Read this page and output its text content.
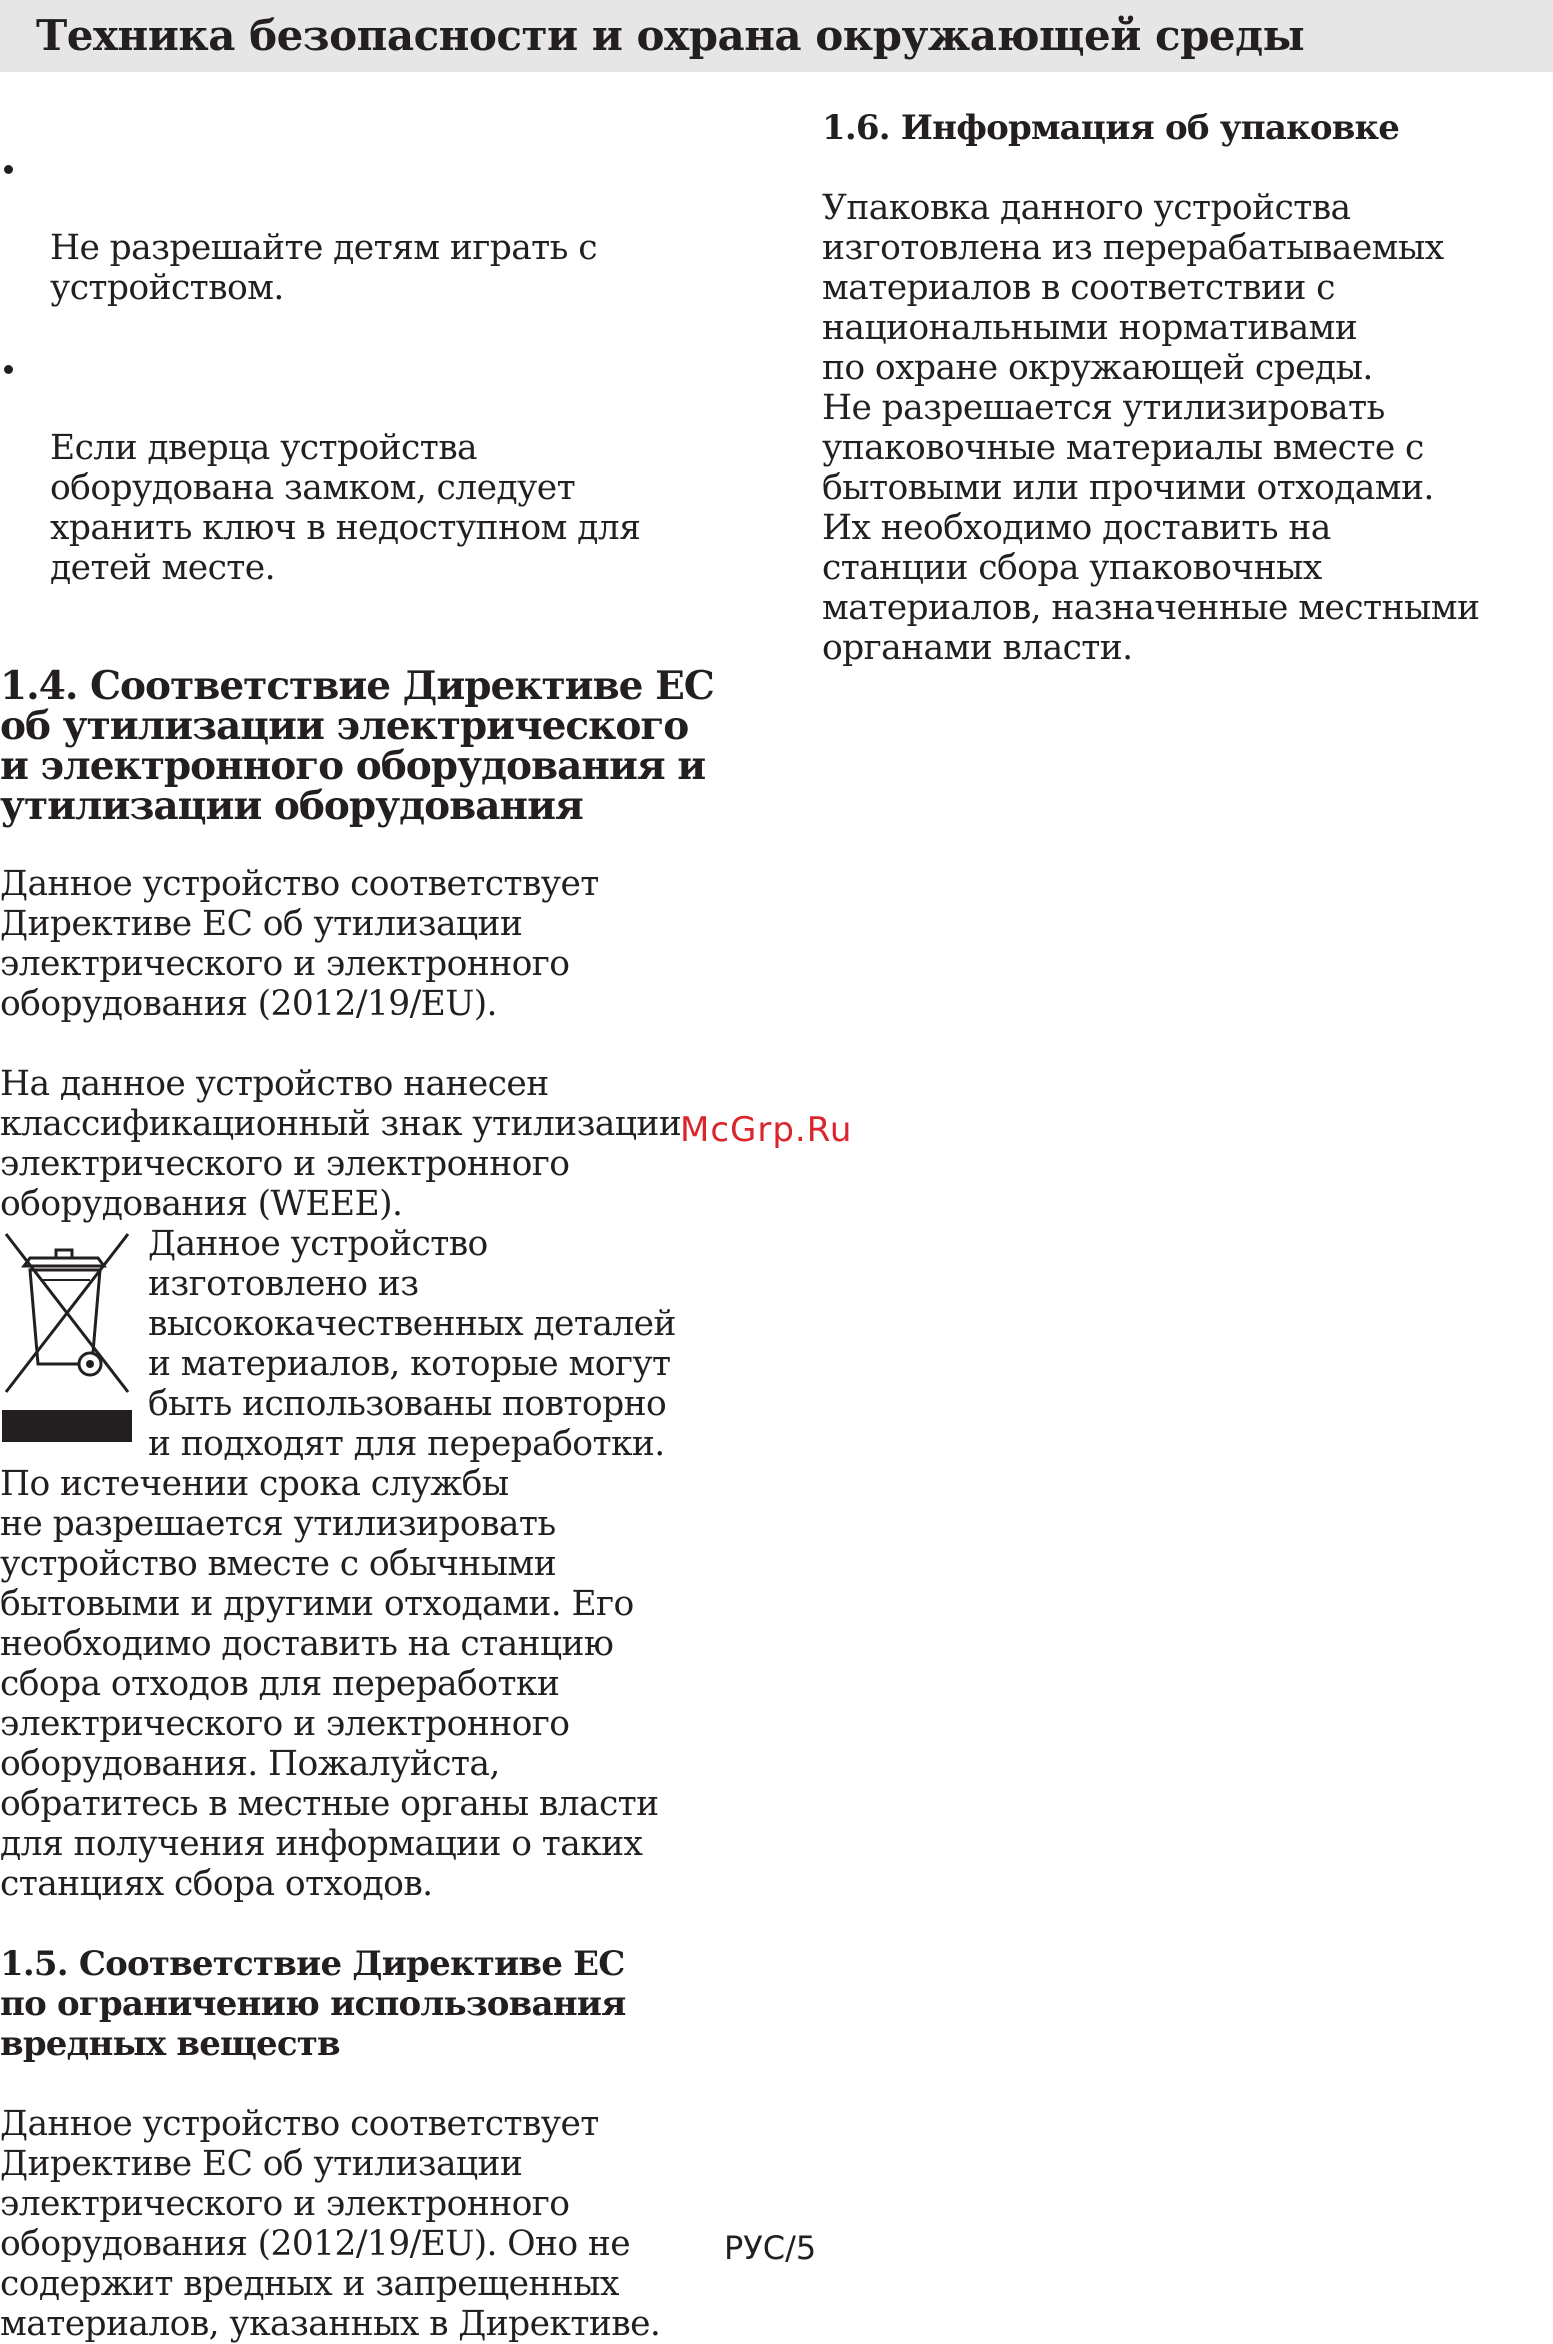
Техника безопасности и охрана окружающей среды

Не разрешайте детям играть с
устройством.

Если дверца устройства
оборудована замком, следует
хранить ключ в недоступном для
детей месте.

1.4. Соответствие Директиве ЕС
об утилизации электрического
и электронного оборудования и
утилизации оборудования

Данное устройство соответствует
Директиве ЕС об утилизации
электрического и электронного
оборудования (2012/19/EU).

На данное устройство нанесен
классификационный знак утилизации
электрического и электронного
оборудования (WEEE).

Данное устройство
изготовлено из
высококачественных деталей
и материалов, которые могут
быть использованы повторно
и подходят для переработки.
По истечении срока службы

не разрешается утилизировать
устройство вместе с обычными
бытовыми и другими отходами. Его
необходимо доставить на станцию
сбора отходов для переработки
электрического и электронного
оборудования. Пожалуйста,
обратитесь в местные органы власти
для получения информации о таких
станциях сбора отходов.

1.5. Соответствие Директиве ЕС
по ограничению использования
вредных веществ

Данное устройство соответствует
Директиве ЕС об утилизации
электрического и электронного
оборудования (2012/19/EU). Оно не
содержит вредных и запрещенных
материалов, указанных в Директиве.

1.6. Информация об упаковке

Упаковка данного устройства
изготовлена из перерабатываемых
материалов в соответствии с
национальными нормативами
по охране окружающей среды.
Не разрешается утилизировать
упаковочные материалы вместе с
бытовыми или прочими отходами.
Их необходимо доставить на
станции сбора упаковочных
материалов, назначенные местными
органами власти.

McGrp.Ru
РУС/5
